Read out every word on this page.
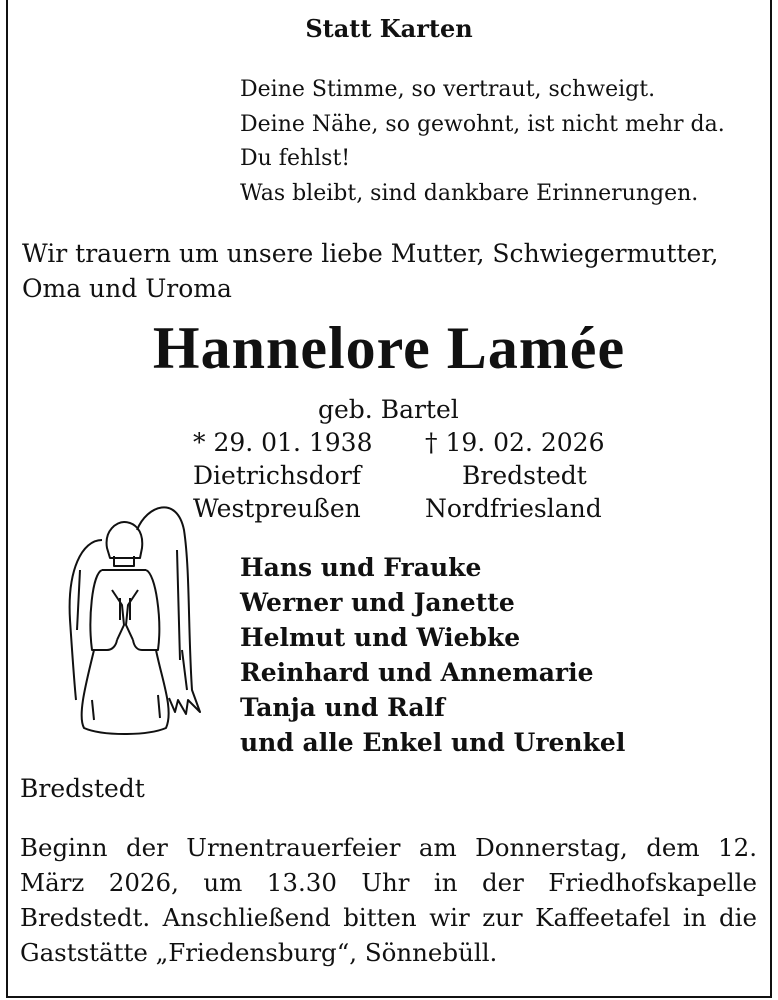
Statt Karten
Deine Stimme, so vertraut, schweigt.
Deine Nähe, so gewohnt, ist nicht mehr da.
Du fehlst!
Was bleibt, sind dankbare Erinnerungen.
Wir trauern um unsere liebe Mutter, Schwiegermutter,
Oma und Uroma
Hannelore Lamée
geb. Bartel
* 29. 01. 1938 † 19. 02. 2026
Dietrichsdorf	Bredstedt
Westpreußen	Nordfriesland
Hans und Frauke
Werner und Janette
Helmut und Wiebke
Reinhard und Annemarie
Tanja und Ralf
und alle Enkel und Urenkel
Bredstedt
Beginn der Urnentrauerfeier am Donnerstag, dem 12. März 2026, um 13.30 Uhr in der Friedhofskapelle Bredstedt. Anschließend bitten wir zur Kaffeetafel in die Gaststätte „Friedensburg“, Sönnebüll.
